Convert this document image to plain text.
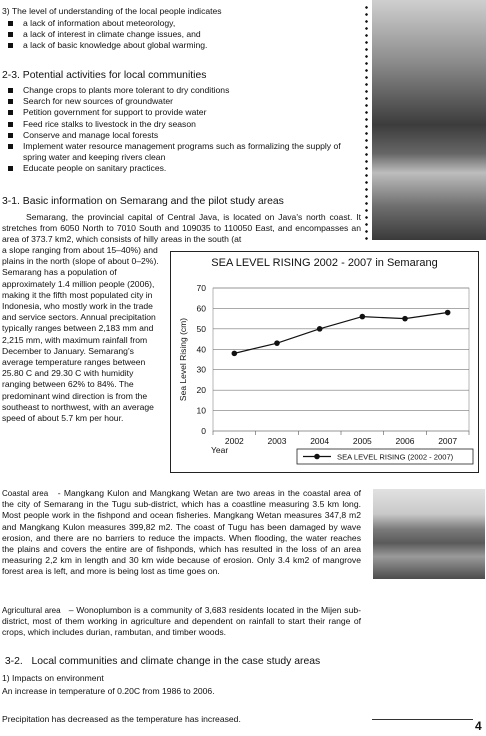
3) The level of understanding of the local people indicates
a lack of information about meteorology,
a lack of interest in climate change issues, and
a lack of basic knowledge about global warming.
2-3. Potential activities for local communities
Change crops to plants more tolerant to dry conditions
Search for new sources of groundwater
Petition government for support to provide water
Feed rice stalks to livestock in the dry season
Conserve and manage local forests
Implement water resource management programs such as formalizing the supply of spring water and keeping rivers clean
Educate people on sanitary practices.
3-1. Basic information on Semarang and the pilot study areas
Semarang, the provincial capital of Central Java, is located on Java's north coast. It stretches from 6050 North to 7010 South and 109035 to 110050 East, and encompasses an area of 373.7 km2, which consists of hilly areas in the south (at
a slope ranging from about 15–40%) and plains in the north (slope of about 0–2%). Semarang has a population of approximately 1.4 million people (2006), making it the fifth most populated city in Indonesia, who mostly work in the trade and service sectors. Annual precipitation typically ranges between 2,183 mm and 2,215 mm, with maximum rainfall from December to January. Semarang's average temperature ranges between 25.80 C and 29.30 C with humidity ranging between 62% to 84%. The predominant wind direction is from the southeast to northwest, with an average speed of about 5.7 km per hour.
SEA LEVEL RISING 2002 - 2007 in Semarang
0
10
20
30
40
50
60
70
2002	2003	2004	2005	2006	2007
Year
Sea Level Rising (cm)
SEA LEVEL RISING (2002 - 2007)
Coastal area - Mangkang Kulon and Mangkang Wetan are two areas in the coastal area of the city of Semarang in the Tugu sub-district, which has a coastline measuring 3.5 km long. Most people work in the fishpond and ocean fisheries. Mangkang Wetan measures 347,8 m2 and Mangkang Kulon measures 399,82 m2. The coast of Tugu has been damaged by wave erosion, and there are no barriers to reduce the impacts. When flooding, the water reaches the plains and covers the entire are of fishponds, which has resulted in the loss of an area measuring 2,2 km in length and 30 km wide because of erosion. Only 3.4 km2 of mangrove forest area is left, and more is being lost as time goes on.
Agricultural area – Wonoplumbon is a community of 3,683 residents located in the Mijen sub-district, most of them working in agriculture and dependent on rainfall to start their range of crops, which includes durian, rambutan, and timber woods.
3-2.   Local communities and climate change in the case study areas
1) Impacts on environment
An increase in temperature of 0.20C from 1986 to 2006.
Precipitation has decreased as the temperature has increased.	4
